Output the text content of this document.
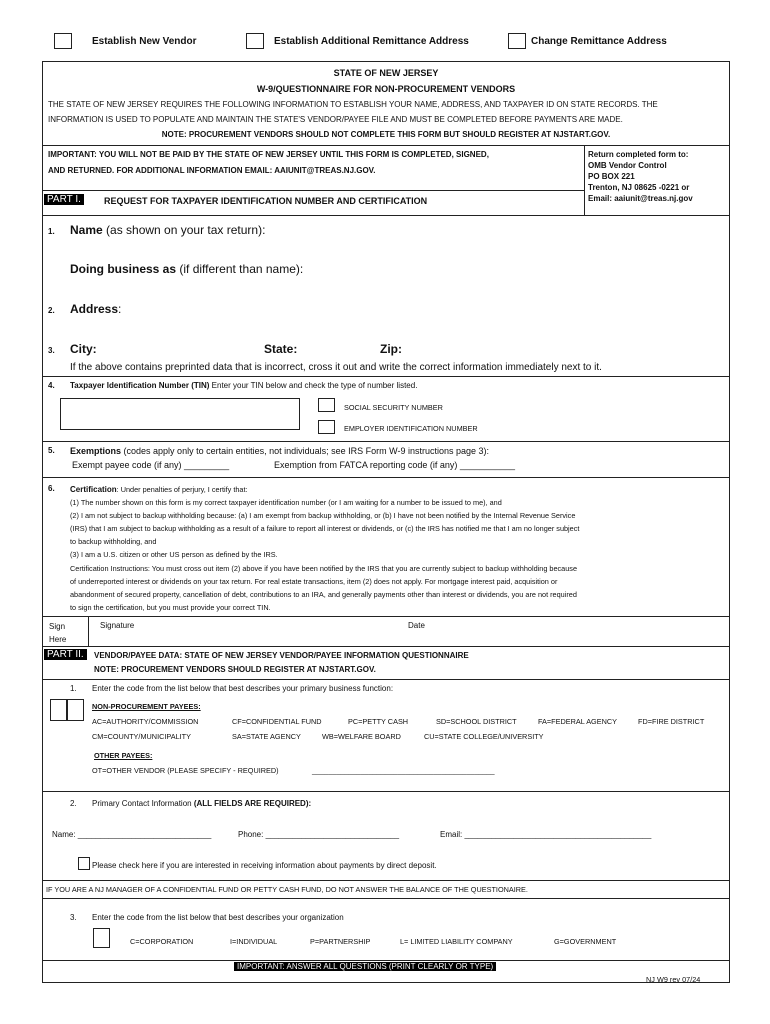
Establish New Vendor	Establish Additional Remittance Address	Change Remittance Address
STATE OF NEW JERSEY
W-9/QUESTIONNAIRE FOR NON-PROCUREMENT VENDORS
THE STATE OF NEW JERSEY REQUIRES THE FOLLOWING INFORMATION TO ESTABLISH YOUR NAME, ADDRESS, AND TAXPAYER ID ON STATE RECORDS. THE
INFORMATION IS USED TO POPULATE AND MAINTAIN THE STATE'S VENDOR/PAYEE FILE AND MUST BE COMPLETED BEFORE PAYMENTS ARE MADE.
NOTE: PROCUREMENT VENDORS SHOULD NOT COMPLETE THIS FORM BUT SHOULD REGISTER AT NJSTART.GOV.
IMPORTANT: YOU WILL NOT BE PAID BY THE STATE OF NEW JERSEY UNTIL THIS FORM IS COMPLETED, SIGNED,
AND RETURNED. FOR ADDITIONAL INFORMATION EMAIL: AAIUNIT@TREAS.NJ.GOV.
Return completed form to:
OMB Vendor Control
PO BOX 221
Trenton, NJ 08625 -0221 or
Email: aaiunit@treas.nj.gov
PART I.	REQUEST FOR TAXPAYER IDENTIFICATION NUMBER AND CERTIFICATION
1. Name (as shown on your tax return):
Doing business as (if different than name):
2. Address:
3. City:	State:	Zip:
If the above contains preprinted data that is incorrect, cross it out and write the correct information immediately next to it.
4. Taxpayer Identification Number (TIN) Enter your TIN below and check the type of number listed.
SOCIAL SECURITY NUMBER
EMPLOYER IDENTIFICATION NUMBER
5. Exemptions (codes apply only to certain entities, not individuals; see IRS Form W-9 instructions page 3):
Exempt payee code (if any) _________	Exemption from FATCA reporting code (if any) ___________
6. Certification: Under penalties of perjury, I certify that:
(1) The number shown on this form is my correct taxpayer identification number (or I am waiting for a number to be issued to me), and
(2) I am not subject to backup withholding because: (a) I am exempt from backup withholding, or (b) I have not been notified by the Internal Revenue Service
(IRS) that I am subject to backup withholding as a result of a failure to report all interest or dividends, or (c) the IRS has notified me that I am no longer subject
to backup withholding, and
(3) I am a U.S. citizen or other US person as defined by the IRS.
Certification Instructions: You must cross out item (2) above if you have been notified by the IRS that you are currently subject to backup withholding because
of underreported interest or dividends on your tax return. For real estate transactions, item (2) does not apply. For mortgage interest paid, acquisition or
abandonment of secured property, cancellation of debt, contributions to an IRA, and generally payments other than interest or dividends, you are not required
to sign the certification, but you must provide your correct TIN.
Sign Here
Signature	Date
PART II.	VENDOR/PAYEE DATA: STATE OF NEW JERSEY VENDOR/PAYEE INFORMATION QUESTIONNAIRE
NOTE: PROCUREMENT VENDORS SHOULD REGISTER AT NJSTART.GOV.
1. Enter the code from the list below that best describes your primary business function:
NON-PROCUREMENT PAYEES:
AC=AUTHORITY/COMMISSION	CF=CONFIDENTIAL FUND	PC=PETTY CASH	SD=SCHOOL DISTRICT	FA=FEDERAL AGENCY	FD=FIRE DISTRICT
CM=COUNTY/MUNICIPALITY	SA=STATE AGENCY	WB=WELFARE BOARD	CU=STATE COLLEGE/UNIVERSITY
OTHER PAYEES:
OT=OTHER VENDOR (PLEASE SPECIFY - REQUIRED)	_____________________________________________
2. Primary Contact Information (ALL FIELDS ARE REQUIRED):
Name: ______________________________	Phone: ______________________________	Email: __________________________________________
Please check here if you are interested in receiving information about payments by direct deposit.
IF YOU ARE A NJ MANAGER OF A CONFIDENTIAL FUND OR PETTY CASH FUND, DO NOT ANSWER THE BALANCE OF THE QUESTIONAIRE.
3. Enter the code from the list below that best describes your organization
C=CORPORATION	I=INDIVIDUAL	P=PARTNERSHIP	L= LIMITED LIABILITY COMPANY	G=GOVERNMENT
IMPORTANT: ANSWER ALL QUESTIONS (PRINT CLEARLY OR TYPE)
NJ W9 rev 07/24
